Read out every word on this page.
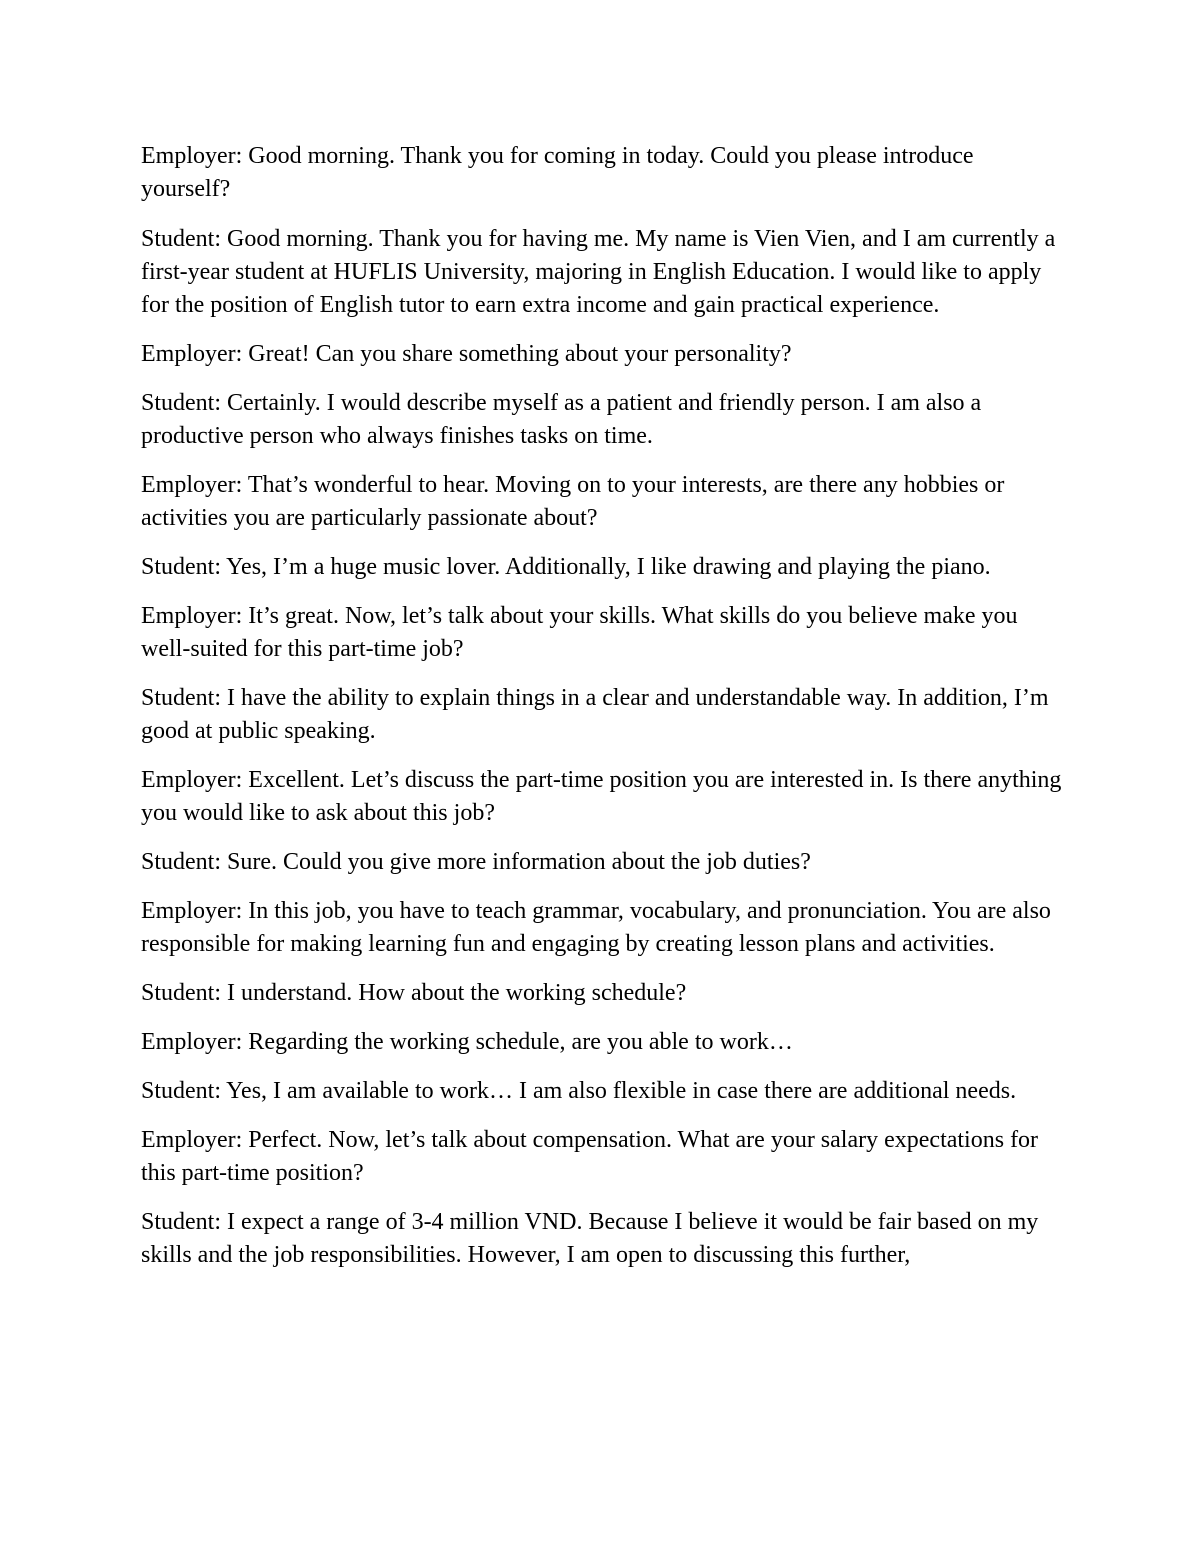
Employer: Good morning. Thank you for coming in today. Could you please introduce yourself?

Student: Good morning. Thank you for having me. My name is Vien Vien, and I am currently a first-year student at HUFLIS University, majoring in English Education. I would like to apply for the position of English tutor to earn extra income and gain practical experience.

Employer: Great! Can you share something about your personality?

Student: Certainly. I would describe myself as a patient and friendly person. I am also a productive person who always finishes tasks on time.

Employer: That’s wonderful to hear. Moving on to your interests, are there any hobbies or activities you are particularly passionate about?

Student: Yes, I’m a huge music lover. Additionally, I like drawing and playing the piano.

Employer: It’s great. Now, let’s talk about your skills. What skills do you believe make you well-suited for this part-time job?

Student: I have the ability to explain things in a clear and understandable way. In addition, I’m good at public speaking.

Employer: Excellent. Let’s discuss the part-time position you are interested in. Is there anything you would like to ask about this job?

Student: Sure. Could you give more information about the job duties?

Employer: In this job, you have to teach grammar, vocabulary, and pronunciation. You are also responsible for making learning fun and engaging by creating lesson plans and activities.

Student: I understand. How about the working schedule?

Employer: Regarding the working schedule, are you able to work…

Student: Yes, I am available to work… I am also flexible in case there are additional needs.

Employer: Perfect. Now, let’s talk about compensation. What are your salary expectations for this part-time position?

Student: I expect a range of 3-4 million VND. Because I believe it would be fair based on my skills and the job responsibilities. However, I am open to discussing this further,
